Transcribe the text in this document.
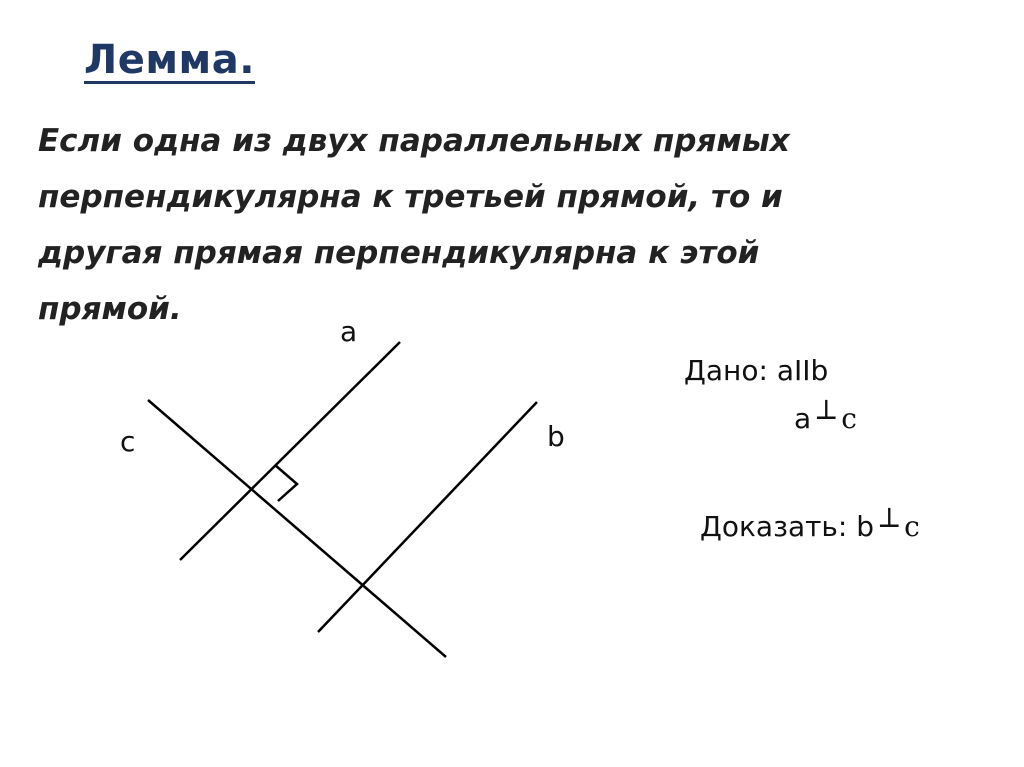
Лемма.

Если одна из двух параллельных прямых
перпендикулярна к третьей прямой, то и
другая прямая перпендикулярна к этой
прямой.

a
b
c
Дано: aIIb
a ┴ c
Доказать: b ┴ c
